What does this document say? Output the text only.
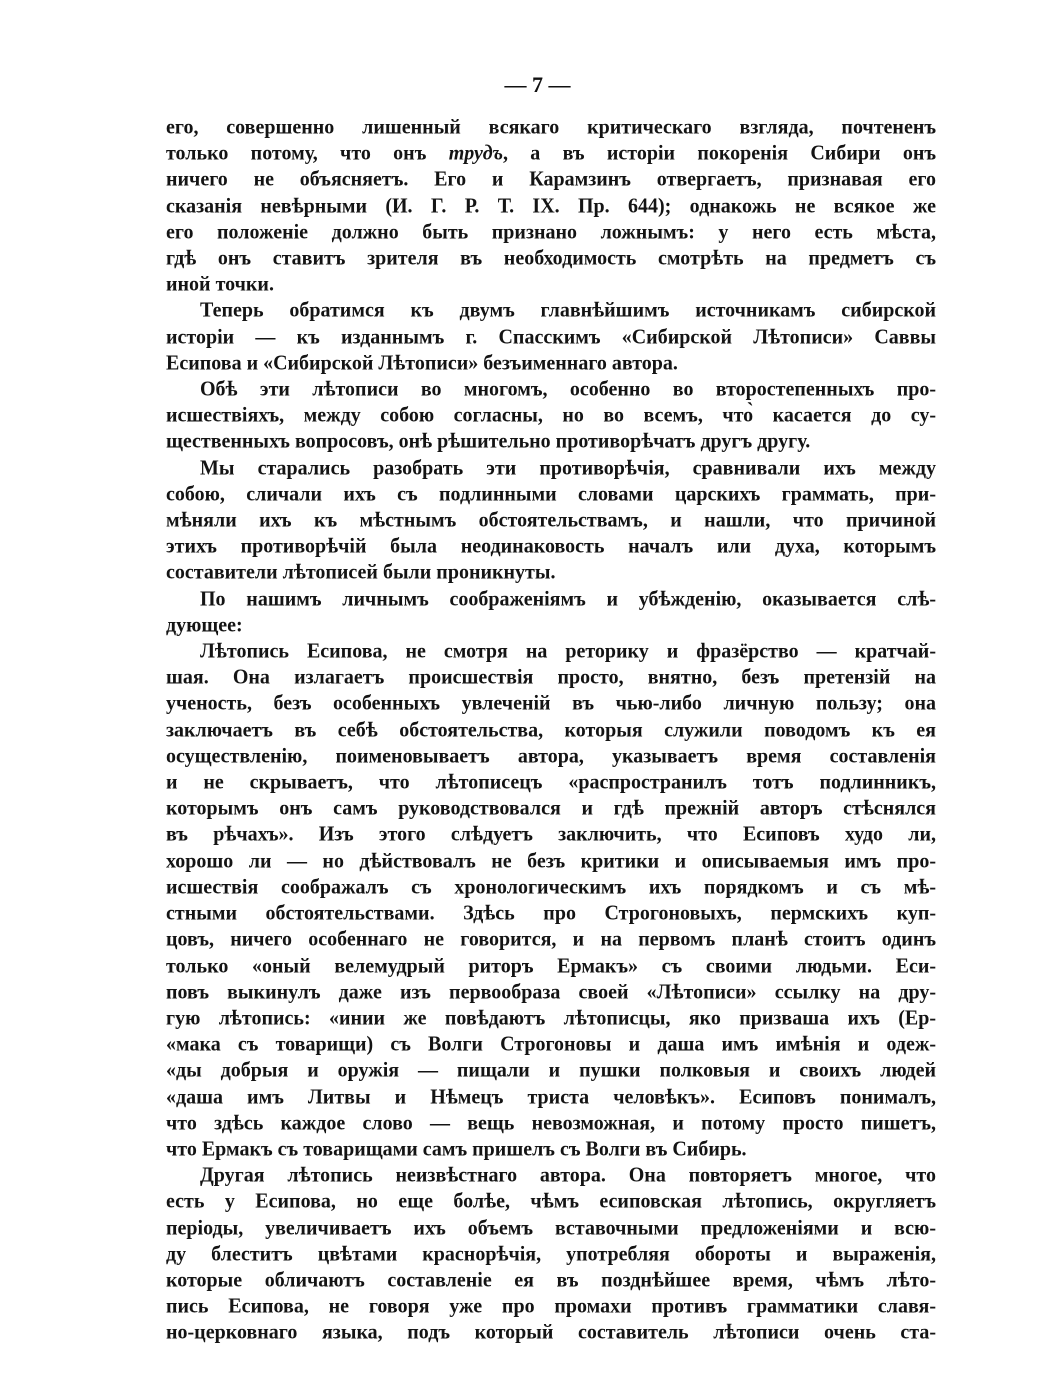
— 7 —
его, совершенно лишенный всякаго критическаго взгляда, почтененъ
только потому, что онъ трудъ, а въ исторіи покоренія Сибири онъ
ничего не объясняетъ. Его и Карамзинъ отвергаетъ, признавая его
сказанія невѣрными (И. Г. Р. Т. IX. Пр. 644); однакожь не всякое же
его положеніе должно быть признано ложнымъ: у него есть мѣста,
гдѣ онъ ставитъ зрителя въ необходимость смотрѣть на предметъ съ
иной точки.
Теперь обратимся къ двумъ главнѣйшимъ источникамъ сибирской
исторіи — къ изданнымъ г. Спасскимъ «Сибирской Лѣтописи» Саввы
Есипова и «Сибирской Лѣтописи» безъименнаго автора.
Обѣ эти лѣтописи во многомъ, особенно во второстепенныхъ про-
исшествіяхъ, между собою согласны, но во всемъ, что̀ касается до су-
щественныхъ вопросовъ, онѣ рѣшительно противорѣчатъ другъ другу.
Мы старались разобрать эти противорѣчія, сравнивали ихъ между
собою, сличали ихъ съ подлинными словами царскихъ граммать, при-
мѣняли ихъ къ мѣстнымъ обстоятельствамъ, и нашли, что причиной
этихъ противорѣчій была неодинаковость началъ или духа, которымъ
составители лѣтописей были проникнуты.
По нашимъ личнымъ соображеніямъ и убѣжденію, оказывается слѣ-
дующее:
Лѣтопись Есипова, не смотря на реторику и фразёрство — кратчай-
шая. Она излагаетъ происшествія просто, внятно, безъ претензій на
ученость, безъ особенныхъ увлеченій въ чью-либо личную пользу; она
заключаетъ въ себѣ обстоятельства, которыя служили поводомъ къ ея
осуществленію, поименовываетъ автора, указываетъ время составленія
и не скрываетъ, что лѣтописецъ «распространилъ тотъ подлинникъ,
которымъ онъ самъ руководствовался и гдѣ прежній авторъ стѣснялся
въ рѣчахъ». Изъ этого слѣдуетъ заключить, что Есиповъ худо ли,
хорошо ли — но дѣйствовалъ не безъ критики и описываемыя имъ про-
исшествія соображалъ съ хронологическимъ ихъ порядкомъ и съ мѣ-
стными обстоятельствами. Здѣсь про Строгоновыхъ, пермскихъ куп-
цовъ, ничего особеннаго не говорится, и на первомъ планѣ стоитъ одинъ
только «оный велемудрый риторъ Ермакъ» съ своими людьми. Еси-
повъ выкинулъ даже изъ первообраза своей «Лѣтописи» ссылку на дру-
гую лѣтопись: «инии же повѣдаютъ лѣтописцы, яко призваша ихъ (Ер-
«мака съ товарищи) съ Волги Строгоновы и даша имъ имѣнія и одеж-
«ды добрыя и оружія — пищали и пушки полковыя и своихъ людей
«даша имъ Литвы и Нѣмецъ триста человѣкъ». Есиповъ понималъ,
что здѣсь каждое слово — вещь невозможная, и потому просто пишетъ,
что Ермакъ съ товарищами самъ пришелъ съ Волги въ Сибирь.
Другая лѣтопись неизвѣстнаго автора. Она повторяетъ многое, что
есть у Есипова, но еще болѣе, чѣмъ есиповская лѣтопись, округляетъ
періоды, увеличиваетъ ихъ объемъ вставочными предложеніями и всю-
ду блеститъ цвѣтами краснорѣчія, употребляя обороты и выраженія,
которые обличаютъ составленіе ея въ позднѣйшее время, чѣмъ лѣто-
пись Есипова, не говоря уже про промахи противъ грамматики славя-
но-церковнаго языка, подъ который составитель лѣтописи очень ста-
